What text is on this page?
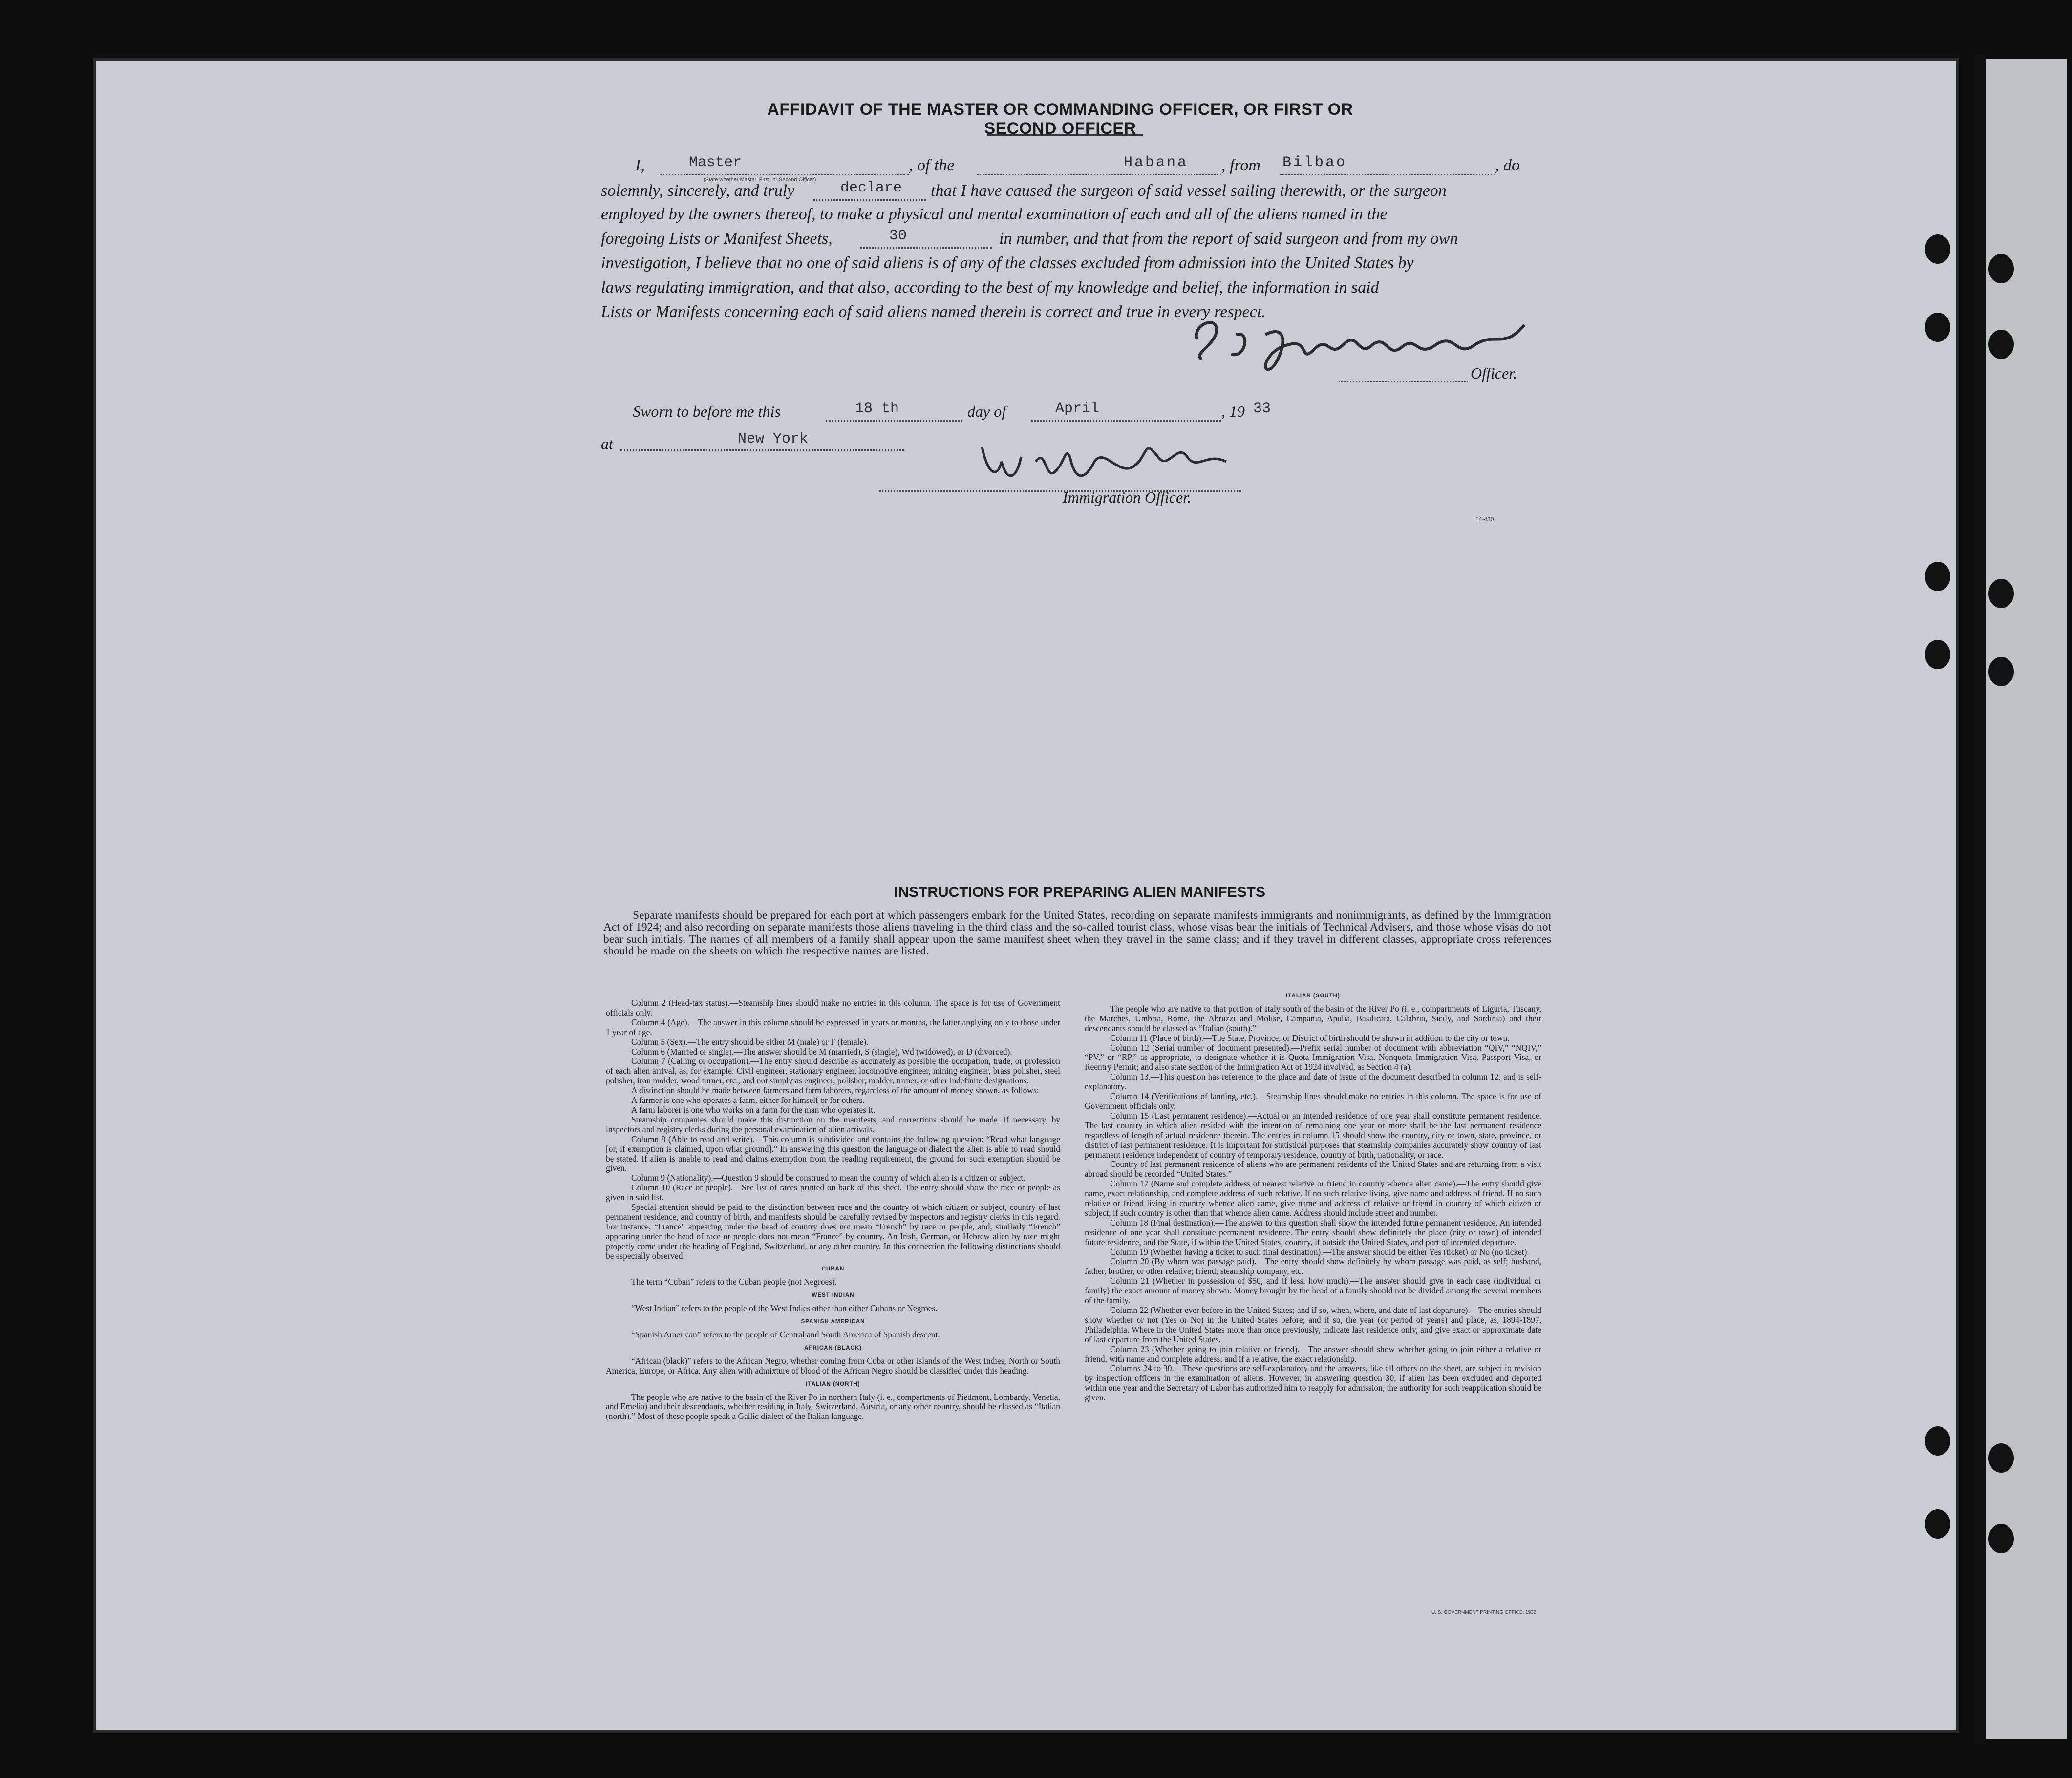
AFFIDAVIT OF THE MASTER OR COMMANDING OFFICER, OR FIRST OR SECOND OFFICER
I,	Master
(State whether Master, First, or Second Officer)
, of the	Habana , from Bilbao	, do
solemnly, sincerely, and truly	declare that I have caused the surgeon of said vessel sailing therewith, or the surgeon
employed by the owners thereof, to make a physical and mental examination of each and all of the aliens named in the
foregoing Lists or Manifest Sheets,	30	in number, and that from the report of said surgeon and from my own
investigation, I believe that no one of said aliens is of any of the classes excluded from admission into the United States by
laws regulating immigration, and that also, according to the best of my knowledge and belief, the information in said
Lists or Manifests concerning each of said aliens named therein is correct and true in every respect.
Officer.
Sworn to before me this	18 th	day of	April	, 19 33
at	New York
Immigration Officer.
14-430
INSTRUCTIONS FOR PREPARING ALIEN MANIFESTS
Separate manifests should be prepared for each port at which passengers embark for the United States, recording on separate manifests immigrants and nonimmigrants, as defined by the Immigration Act of 1924; and also recording on separate manifests those aliens traveling in the third class and the so-called tourist class, whose visas bear the initials of Technical Advisers, and those whose visas do not bear such initials. The names of all members of a family shall appear upon the same manifest sheet when they travel in the same class; and if they travel in different classes, appropriate cross references should be made on the sheets on which the respective names are listed.

Column 2 (Head-tax status).—Steamship lines should make no entries in this column. The space is for use of Government officials only.

Column 4 (Age).—The answer in this column should be expressed in years or months, the latter applying only to those under 1 year of age.

Column 5 (Sex).—The entry should be either M (male) or F (female).

Column 6 (Married or single).—The answer should be M (married), S (single), Wd (widowed), or D (divorced).

Column 7 (Calling or occupation).—The entry should describe as accurately as possible the occupation, trade, or profession of each alien arrival, as, for example: Civil engineer, stationary engineer, locomotive engineer, mining engineer, brass polisher, steel polisher, iron molder, wood turner, etc., and not simply as engineer, polisher, molder, turner, or other indefinite designations.

A distinction should be made between farmers and farm laborers, regardless of the amount of money shown, as follows:

A farmer is one who operates a farm, either for himself or for others.

A farm laborer is one who works on a farm for the man who operates it.

Steamship companies should make this distinction on the manifests, and corrections should be made, if necessary, by inspectors and registry clerks during the personal examination of alien arrivals.

Column 8 (Able to read and write).—This column is subdivided and contains the following question: “Read what language [or, if exemption is claimed, upon what ground].” In answering this question the language or dialect the alien is able to read should be stated. If alien is unable to read and claims exemption from the reading requirement, the ground for such exemption should be given.

Column 9 (Nationality).—Question 9 should be construed to mean the country of which alien is a citizen or subject.

Column 10 (Race or people).—See list of races printed on back of this sheet. The entry should show the race or people as given in said list.

Special attention should be paid to the distinction between race and the country of which citizen or subject, country of last permanent residence, and country of birth, and manifests should be carefully revised by inspectors and registry clerks in this regard. For instance, “France” appearing under the head of country does not mean “French” by race or people, and, similarly “French” appearing under the head of race or people does not mean “France” by country. An Irish, German, or Hebrew alien by race might properly come under the heading of England, Switzerland, or any other country. In this connection the following distinctions should be especially observed:

CUBAN

The term “Cuban” refers to the Cuban people (not Negroes).

WEST INDIAN

“West Indian” refers to the people of the West Indies other than either Cubans or Negroes.

SPANISH AMERICAN

“Spanish American” refers to the people of Central and South America of Spanish descent.

AFRICAN (BLACK)

“African (black)” refers to the African Negro, whether coming from Cuba or other islands of the West Indies, North or South America, Europe, or Africa. Any alien with admixture of blood of the African Negro should be classified under this heading.

ITALIAN (NORTH)

The people who are native to the basin of the River Po in northern Italy (i. e., compartments of Piedmont, Lombardy, Venetia, and Emelia) and their descendants, whether residing in Italy, Switzerland, Austria, or any other country, should be classed as “Italian (north).” Most of these people speak a Gallic dialect of the Italian language.

ITALIAN (SOUTH)

The people who are native to that portion of Italy south of the basin of the River Po (i. e., compartments of Liguria, Tuscany, the Marches, Umbria, Rome, the Abruzzi and Molise, Campania, Apulia, Basilicata, Calabria, Sicily, and Sardinia) and their descendants should be classed as “Italian (south).”

Column 11 (Place of birth).—The State, Province, or District of birth should be shown in addition to the city or town.

Column 12 (Serial number of document presented).—Prefix serial number of document with abbreviation “QIV,” “NQIV,” “PV,” or “RP,” as appropriate, to designate whether it is Quota Immigration Visa, Nonquota Immigration Visa, Passport Visa, or Reentry Permit; and also state section of the Immigration Act of 1924 involved, as Section 4 (a).

Column 13.—This question has reference to the place and date of issue of the document described in column 12, and is self-explanatory.

Column 14 (Verifications of landing, etc.).—Steamship lines should make no entries in this column. The space is for use of Government officials only.

Column 15 (Last permanent residence).—Actual or an intended residence of one year shall constitute permanent residence. The last country in which alien resided with the intention of remaining one year or more shall be the last permanent residence regardless of length of actual residence therein. The entries in column 15 should show the country, city or town, state, province, or district of last permanent residence. It is important for statistical purposes that steamship companies accurately show country of last permanent residence independent of country of temporary residence, country of birth, nationality, or race.

Country of last permanent residence of aliens who are permanent residents of the United States and are returning from a visit abroad should be recorded “United States.”

Column 17 (Name and complete address of nearest relative or friend in country whence alien came).—The entry should give name, exact relationship, and complete address of such relative. If no such relative living, give name and address of friend. If no such relative or friend living in country whence alien came, give name and address of relative or friend in country of which citizen or subject, if such country is other than that whence alien came. Address should include street and number.

Column 18 (Final destination).—The answer to this question shall show the intended future permanent residence. An intended residence of one year shall constitute permanent residence. The entry should show definitely the place (city or town) of intended future residence, and the State, if within the United States; country, if outside the United States, and port of intended departure.

Column 19 (Whether having a ticket to such final destination).—The answer should be either Yes (ticket) or No (no ticket).

Column 20 (By whom was passage paid).—The entry should show definitely by whom passage was paid, as self; husband, father, brother, or other relative; friend; steamship company, etc.

Column 21 (Whether in possession of $50, and if less, how much).—The answer should give in each case (individual or family) the exact amount of money shown. Money brought by the head of a family should not be divided among the several members of the family.

Column 22 (Whether ever before in the United States; and if so, when, where, and date of last departure).—The entries should show whether or not (Yes or No) in the United States before; and if so, the year (or period of years) and place, as, 1894-1897, Philadelphia. Where in the United States more than once previously, indicate last residence only, and give exact or approximate date of last departure from the United States.

Column 23 (Whether going to join relative or friend).—The answer should show whether going to join either a relative or friend, with name and complete address; and if a relative, the exact relationship.

Columns 24 to 30.—These questions are self-explanatory and the answers, like all others on the sheet, are subject to revision by inspection officers in the examination of aliens. However, in answering question 30, if alien has been excluded and deported within one year and the Secretary of Labor has authorized him to reapply for admission, the authority for such reapplication should be given.

U. S. GOVERNMENT PRINTING OFFICE: 1932
